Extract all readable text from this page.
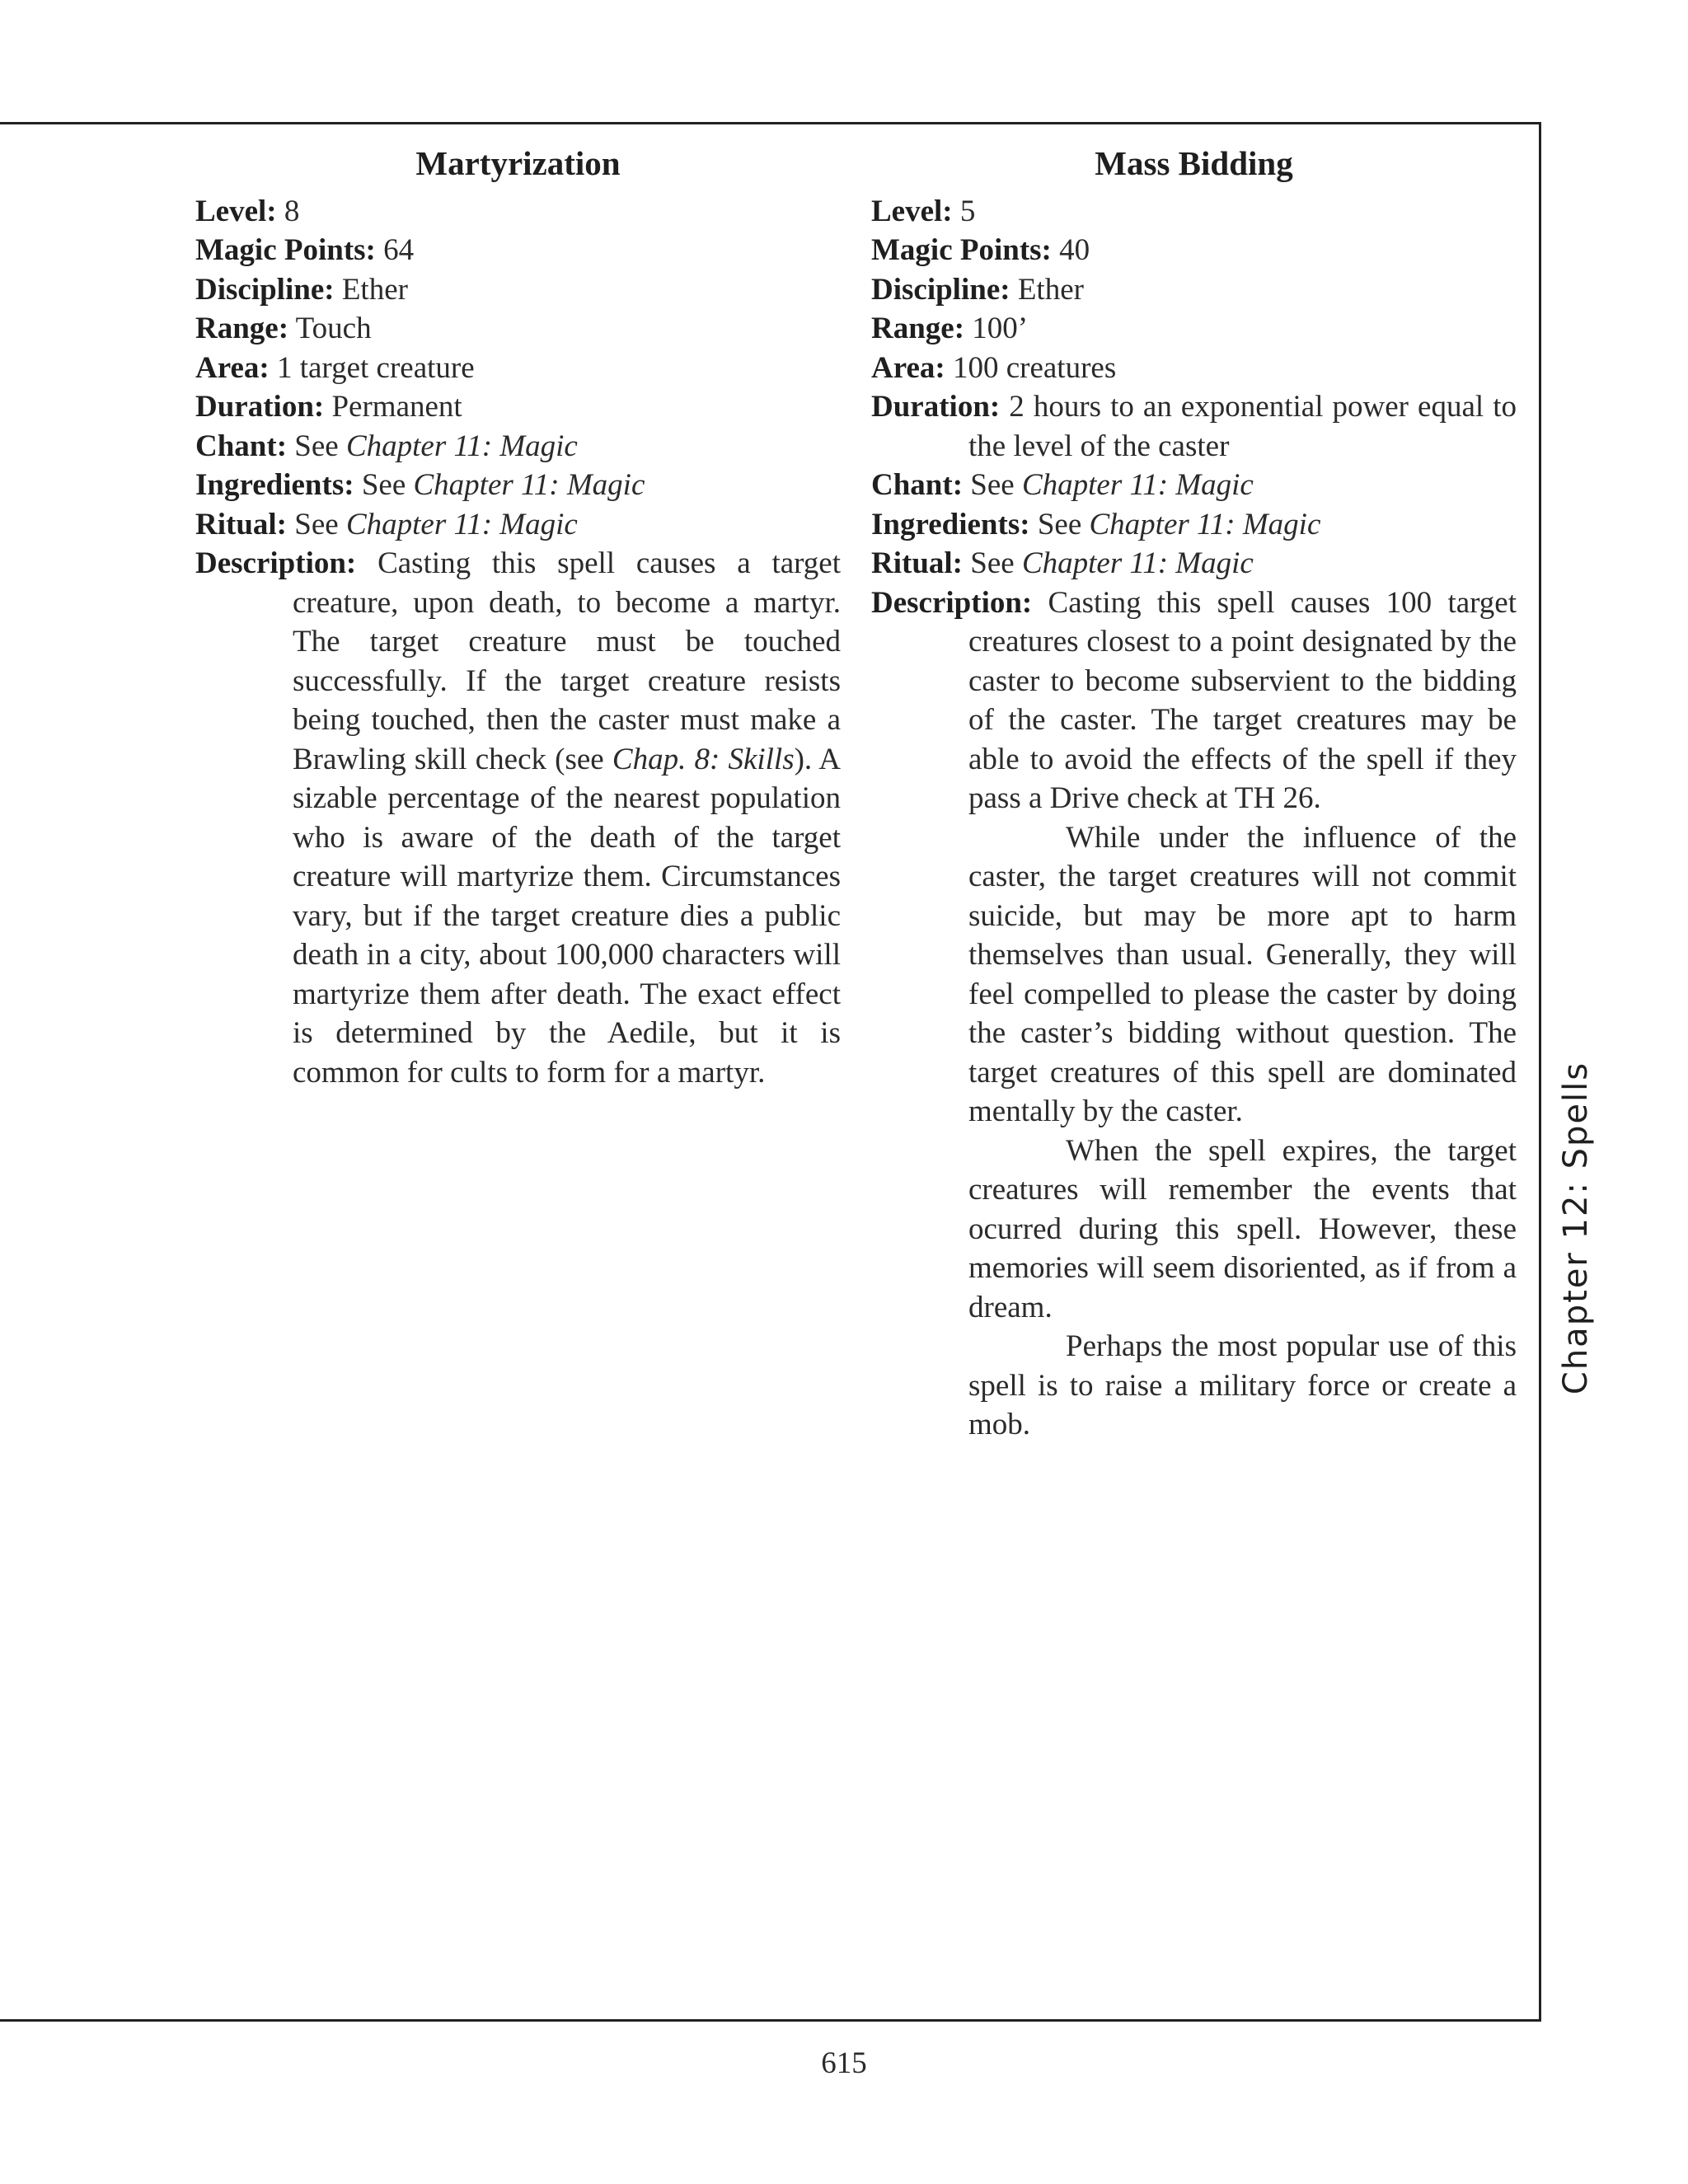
Martyrization
Level: 8
Magic Points: 64
Discipline: Ether
Range: Touch
Area: 1 target creature
Duration: Permanent
Chant: See Chapter 11: Magic
Ingredients: See Chapter 11: Magic
Ritual: See Chapter 11: Magic

Description: Casting this spell causes a target creature, upon death, to become a martyr. The target creature must be touched successfully. If the target creature resists being touched, then the caster must make a Brawling skill check (see Chap. 8: Skills). A sizable percentage of the nearest population who is aware of the death of the target creature will martyrize them. Circumstances vary, but if the target creature dies a public death in a city, about 100,000 characters will martyrize them after death. The exact effect is determined by the Aedile, but it is common for cults to form for a martyr.

Mass Bidding
Level: 5
Magic Points: 40
Discipline: Ether
Range: 100’
Area: 100 creatures
Duration: 2 hours to an exponential power equal to the level of the caster
Chant: See Chapter 11: Magic
Ingredients: See Chapter 11: Magic
Ritual: See Chapter 11: Magic

Description: Casting this spell causes 100 target creatures closest to a point designated by the caster to become subservient to the bidding of the caster. The target creatures may be able to avoid the effects of the spell if they pass a Drive check at TH 26.

While under the influence of the caster, the target creatures will not commit suicide, but may be more apt to harm themselves than usual. Generally, they will feel compelled to please the caster by doing the caster’s bidding without question. The target creatures of this spell are dominated mentally by the caster.

When the spell expires, the target creatures will remember the events that ocurred during this spell. However, these memories will seem disoriented, as if from a dream.

Perhaps the most popular use of this spell is to raise a military force or create a mob.

Chapter 12: Spells
615
